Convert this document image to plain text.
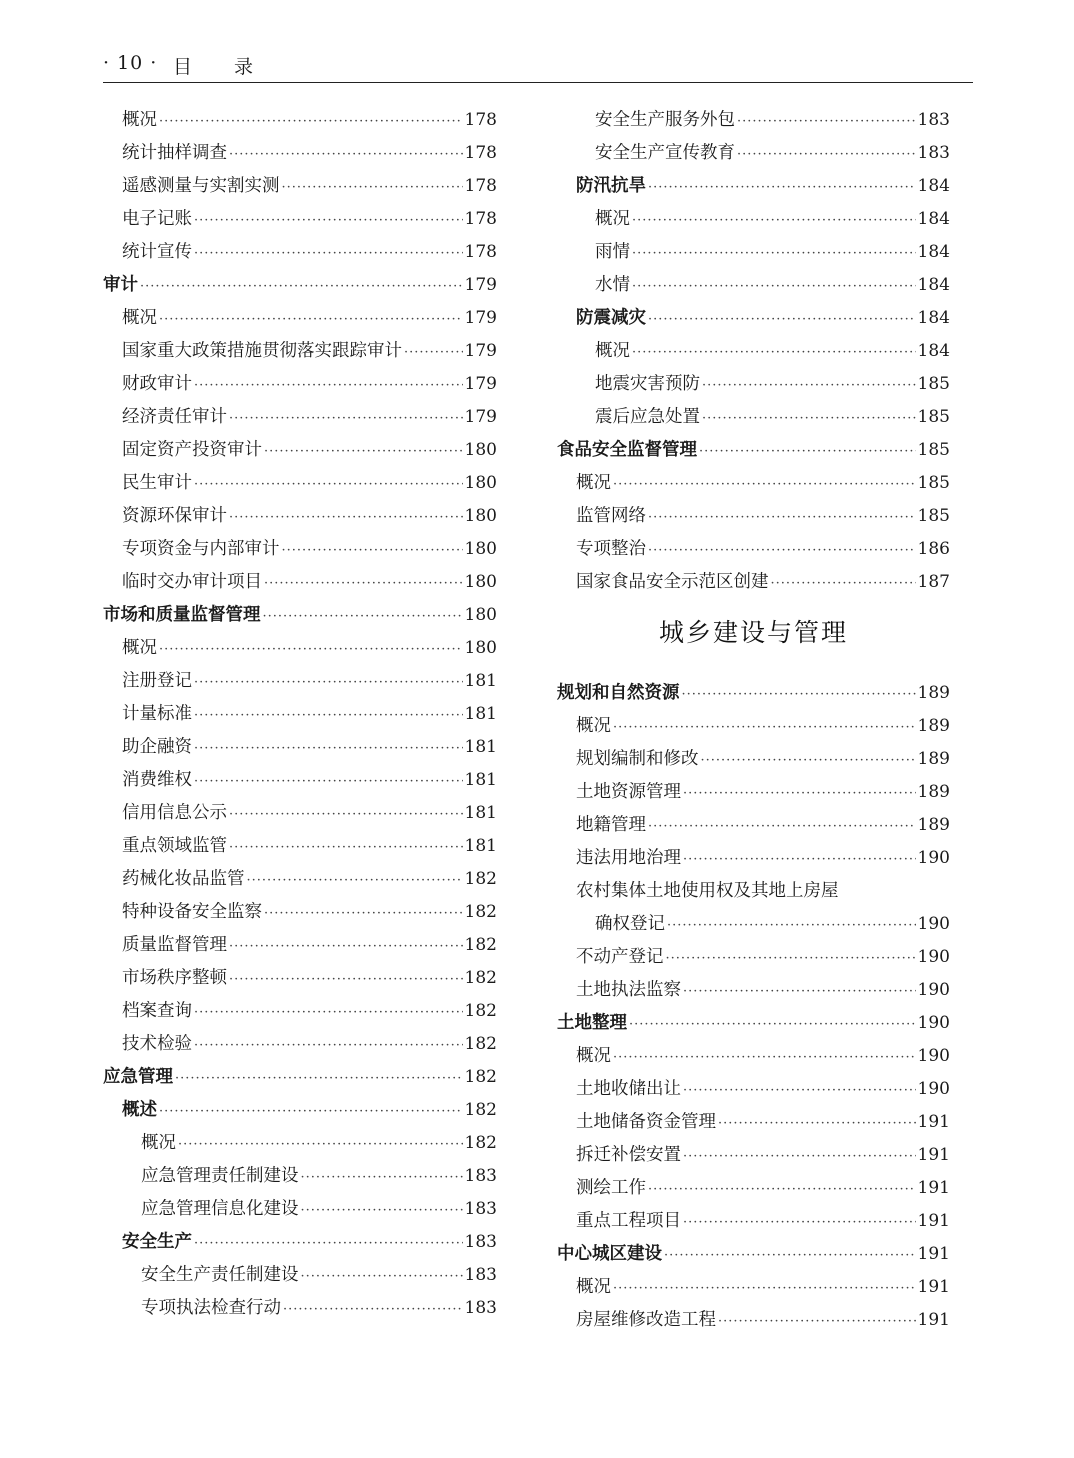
· 10 · 目 录
概况 ·····	178
统计抽样调查 ·····	178
遥感测量与实割实测 ·····	178
电子记账 ·····	178
统计宣传 ·····	178
审计 ·····	179
概况 ·····	179
国家重大政策措施贯彻落实跟踪审计 ·····	179
财政审计 ·····	179
经济责任审计 ·····	179
固定资产投资审计 ·····	180
民生审计 ·····	180
资源环保审计 ·····	180
专项资金与内部审计 ·····	180
临时交办审计项目 ·····	180
市场和质量监督管理 ·····	180
概况 ·····	180
注册登记 ·····	181
计量标准 ·····	181
助企融资 ·····	181
消费维权 ·····	181
信用信息公示 ·····	181
重点领域监管 ·····	181
药械化妆品监管 ·····	182
特种设备安全监察 ·····	182
质量监督管理 ·····	182
市场秩序整顿 ·····	182
档案查询 ·····	182
技术检验 ·····	182
应急管理 ·····	182
概述 ·····	182
概况 ·····	182
应急管理责任制建设 ·····	183
应急管理信息化建设 ·····	183
安全生产 ·····	183
安全生产责任制建设 ·····	183
专项执法检查行动 ·····	183
安全生产服务外包 ·····	183
安全生产宣传教育 ·····	183
防汛抗旱 ·····	184
概况 ·····	184
雨情 ·····	184
水情 ·····	184
防震减灾 ·····	184
概况 ·····	184
地震灾害预防 ·····	185
震后应急处置 ·····	185
食品安全监督管理 ·····	185
概况 ·····	185
监管网络 ·····	185
专项整治 ·····	186
国家食品安全示范区创建 ·····	187
城乡建设与管理
规划和自然资源 ·····	189
概况 ·····	189
规划编制和修改 ·····	189
土地资源管理 ·····	189
地籍管理 ·····	189
违法用地治理 ·····	190
农村集体土地使用权及其地上房屋
确权登记 ·····	190
不动产登记 ·····	190
土地执法监察 ·····	190
土地整理 ·····	190
概况 ·····	190
土地收储出让 ·····	190
土地储备资金管理 ·····	191
拆迁补偿安置 ·····	191
测绘工作 ·····	191
重点工程项目 ·····	191
中心城区建设 ·····	191
概况 ·····	191
房屋维修改造工程 ·····	191
